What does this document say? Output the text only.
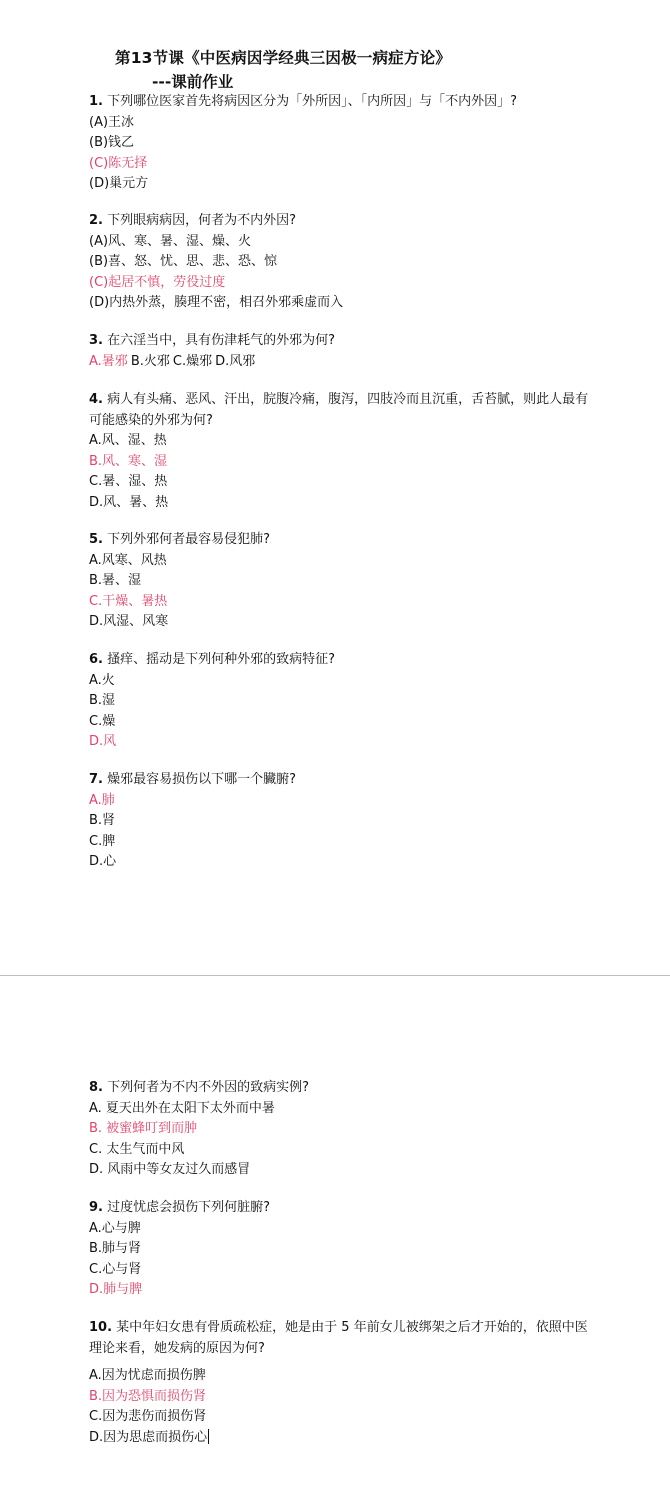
第13节课《中医病因学经典三因极一病症方论》
---课前作业
1. 下列哪位医家首先将病因区分为「外所因」、「内所因」与「不内外因」?
(A)王冰
(B)钱乙
(C)陈无择
(D)巢元方
2. 下列眼病病因，何者为不内外因?
(A)风、寒、暑、湿、燥、火
(B)喜、怒、忧、思、悲、恐、惊
(C)起居不慎，劳役过度
(D)内热外蒸，腠理不密，相召外邪乘虚而入
3. 在六淫当中，具有伤津耗气的外邪为何?
A.暑邪 B.火邪 C.燥邪 D.风邪
4. 病人有头痛、恶风、汗出，脘腹冷痛，腹泻，四肢冷而且沉重，舌苔腻，则此人最有可能感染的外邪为何?
A.风、湿、热
B.风、寒、湿
C.暑、湿、热
D.风、暑、热
5. 下列外邪何者最容易侵犯肺?
A.风寒、风热
B.暑、湿
C.干燥、暑热
D.风湿、风寒
6. 搔痒、摇动是下列何种外邪的致病特征?
A.火
B.湿
C.燥
D.风
7. 燥邪最容易损伤以下哪一个臟腑?
A.肺
B.肾
C.脾
D.心
8. 下列何者为不内不外因的致病实例?
A. 夏天出外在太阳下太外而中暑
B. 被蜜蜂叮到而肿
C. 太生气而中风
D. 风雨中等女友过久而感冒
9. 过度忧虑会损伤下列何脏腑?
A.心与脾
B.肺与肾
C.心与肾
D.肺与脾
10. 某中年妇女患有骨质疏松症，她是由于 5 年前女儿被绑架之后才开始的，依照中医理论来看，她发病的原因为何?
A.因为忧虑而损伤脾
B.因为恐惧而损伤肾
C.因为悲伤而损伤肾
D.因为思虑而损伤心
